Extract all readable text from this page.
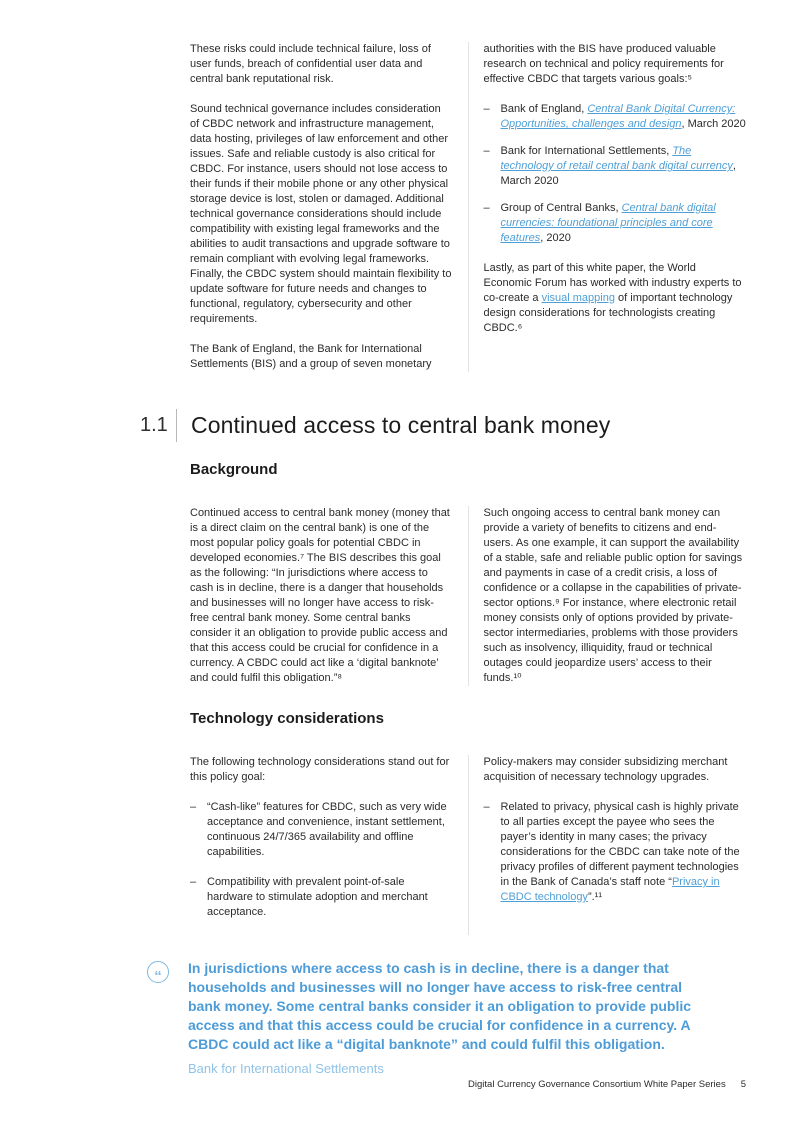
These risks could include technical failure, loss of user funds, breach of confidential user data and central bank reputational risk.

Sound technical governance includes consideration of CBDC network and infrastructure management, data hosting, privileges of law enforcement and other issues. Safe and reliable custody is also critical for CBDC. For instance, users should not lose access to their funds if their mobile phone or any other physical storage device is lost, stolen or damaged. Additional technical governance considerations should include compatibility with existing legal frameworks and the abilities to audit transactions and upgrade software to remain compliant with evolving legal frameworks. Finally, the CBDC system should maintain flexibility to update software for future needs and changes to functional, regulatory, cybersecurity and other requirements.

The Bank of England, the Bank for International Settlements (BIS) and a group of seven monetary

authorities with the BIS have produced valuable research on technical and policy requirements for effective CBDC that targets various goals:⁵

– Bank of England, Central Bank Digital Currency: Opportunities, challenges and design, March 2020
– Bank for International Settlements, The technology of retail central bank digital currency, March 2020
– Group of Central Banks, Central bank digital currencies: foundational principles and core features, 2020

Lastly, as part of this white paper, the World Economic Forum has worked with industry experts to co-create a visual mapping of important technology design considerations for technologists creating CBDC.⁶

1.1	Continued access to central bank money
Background

Continued access to central bank money (money that is a direct claim on the central bank) is one of the most popular policy goals for potential CBDC in developed economies.⁷ The BIS describes this goal as the following: “In jurisdictions where access to cash is in decline, there is a danger that households and businesses will no longer have access to risk-free central bank money. Some central banks consider it an obligation to provide public access and that this access could be crucial for confidence in a currency. A CBDC could act like a ‘digital banknote’ and could fulfil this obligation.”⁸

Such ongoing access to central bank money can provide a variety of benefits to citizens and end-users. As one example, it can support the availability of a stable, safe and reliable public option for savings and payments in case of a credit crisis, a loss of confidence or a collapse in the capabilities of private-sector options.⁹ For instance, where electronic retail money consists only of options provided by private-sector intermediaries, problems with those providers such as insolvency, illiquidity, fraud or technical outages could jeopardize users’ access to their funds.¹⁰

Technology considerations

The following technology considerations stand out for this policy goal:

– “Cash-like” features for CBDC, such as very wide acceptance and convenience, instant settlement, continuous 24/7/365 availability and offline capabilities.
– Compatibility with prevalent point-of-sale hardware to stimulate adoption and merchant acceptance.

Policy-makers may consider subsidizing merchant acquisition of necessary technology upgrades.

– Related to privacy, physical cash is highly private to all parties except the payee who sees the payer’s identity in many cases; the privacy considerations for the CBDC can take note of the privacy profiles of different payment technologies in the Bank of Canada’s staff note “Privacy in CBDC technology”.¹¹
“ In jurisdictions where access to cash is in decline, there is a danger that households and businesses will no longer have access to risk-free central bank money. Some central banks consider it an obligation to provide public access and that this access could be crucial for confidence in a currency. A CBDC could act like a “digital banknote” and could fulfil this obligation.

Bank for International Settlements

Digital Currency Governance Consortium White Paper Series 5
